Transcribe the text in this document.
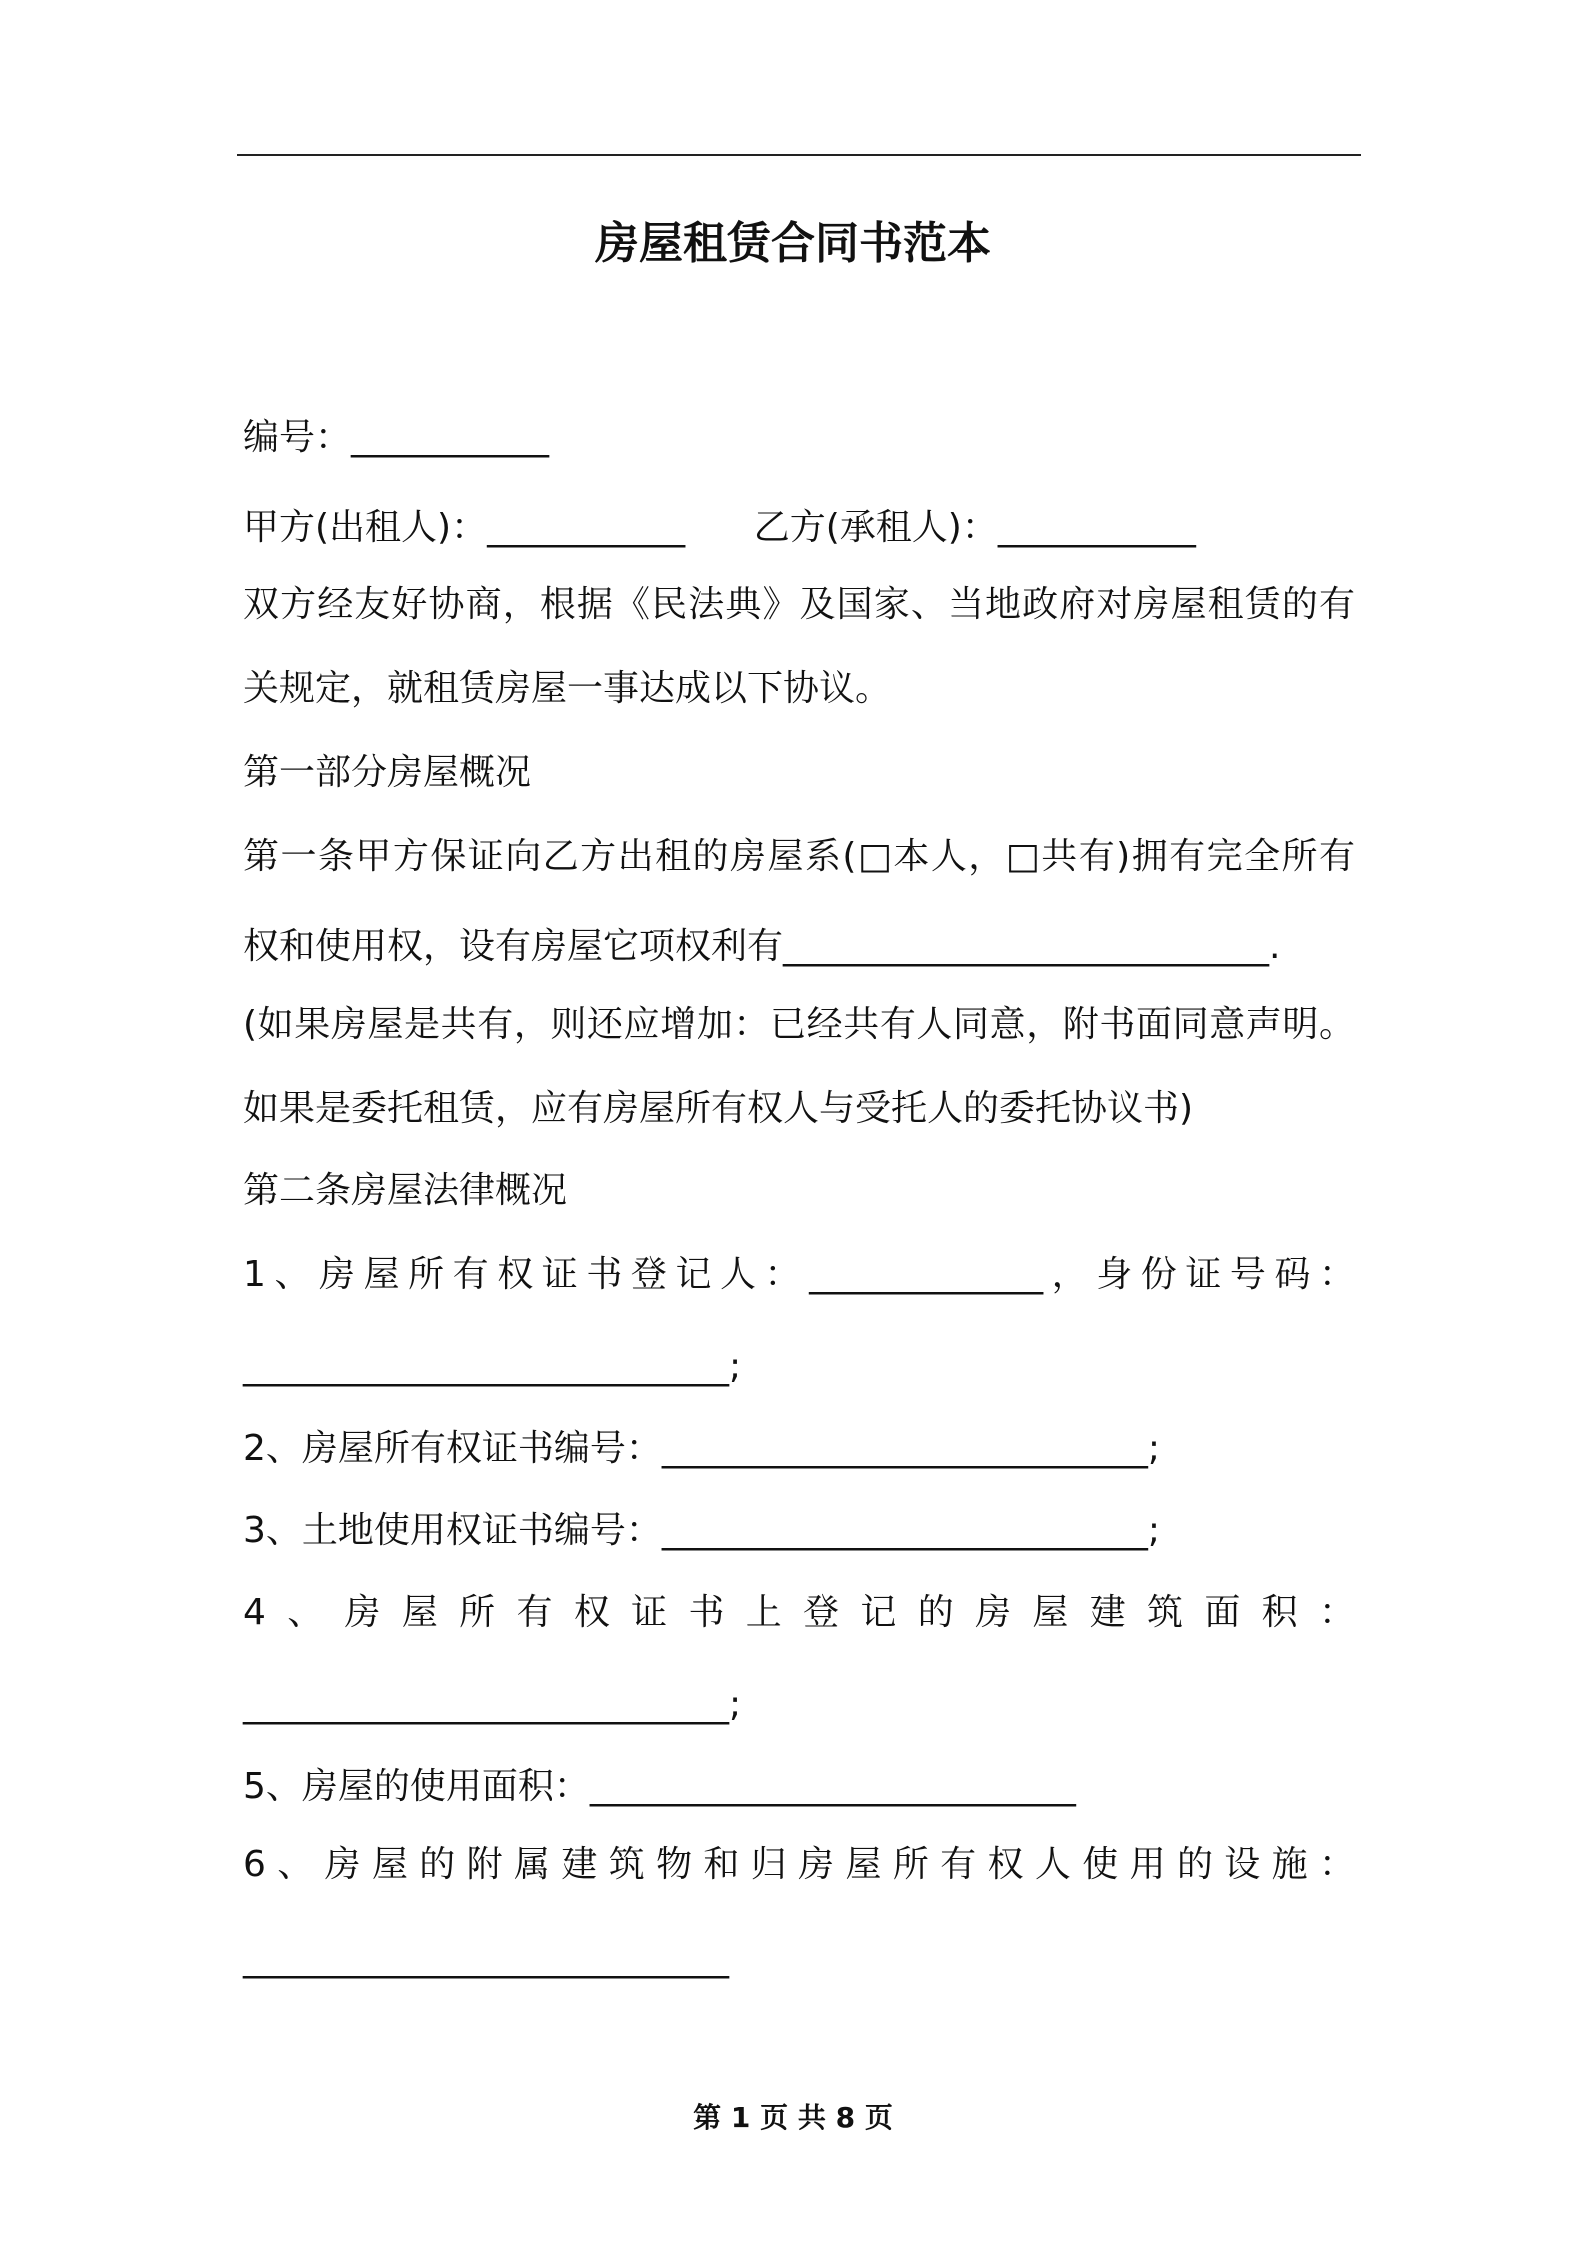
房屋租赁合同书范本
编号：___________
甲方(出租人)：___________      乙方(承租人)：___________
双方经友好协商，根据《民法典》及国家、当地政府对房屋租赁的有
关规定，就租赁房屋一事达成以下协议。
第一部分房屋概况
第一条甲方保证向乙方出租的房屋系(□本人，□共有)拥有完全所有
权和使用权，设有房屋它项权利有___________________________.
(如果房屋是共有，则还应增加：已经共有人同意，附书面同意声明。
如果是委托租赁，应有房屋所有权人与受托人的委托协议书)
第二条房屋法律概况
1、房屋所有权证书登记人：_____________，身份证号码：
___________________________;
2、房屋所有权证书编号：___________________________;
3、土地使用权证书编号：___________________________;
4、房屋所有权证书上登记的房屋建筑面积：
___________________________;
5、房屋的使用面积：___________________________
6、房屋的附属建筑物和归房屋所有权人使用的设施：
___________________________
第 1 页 共 8 页
